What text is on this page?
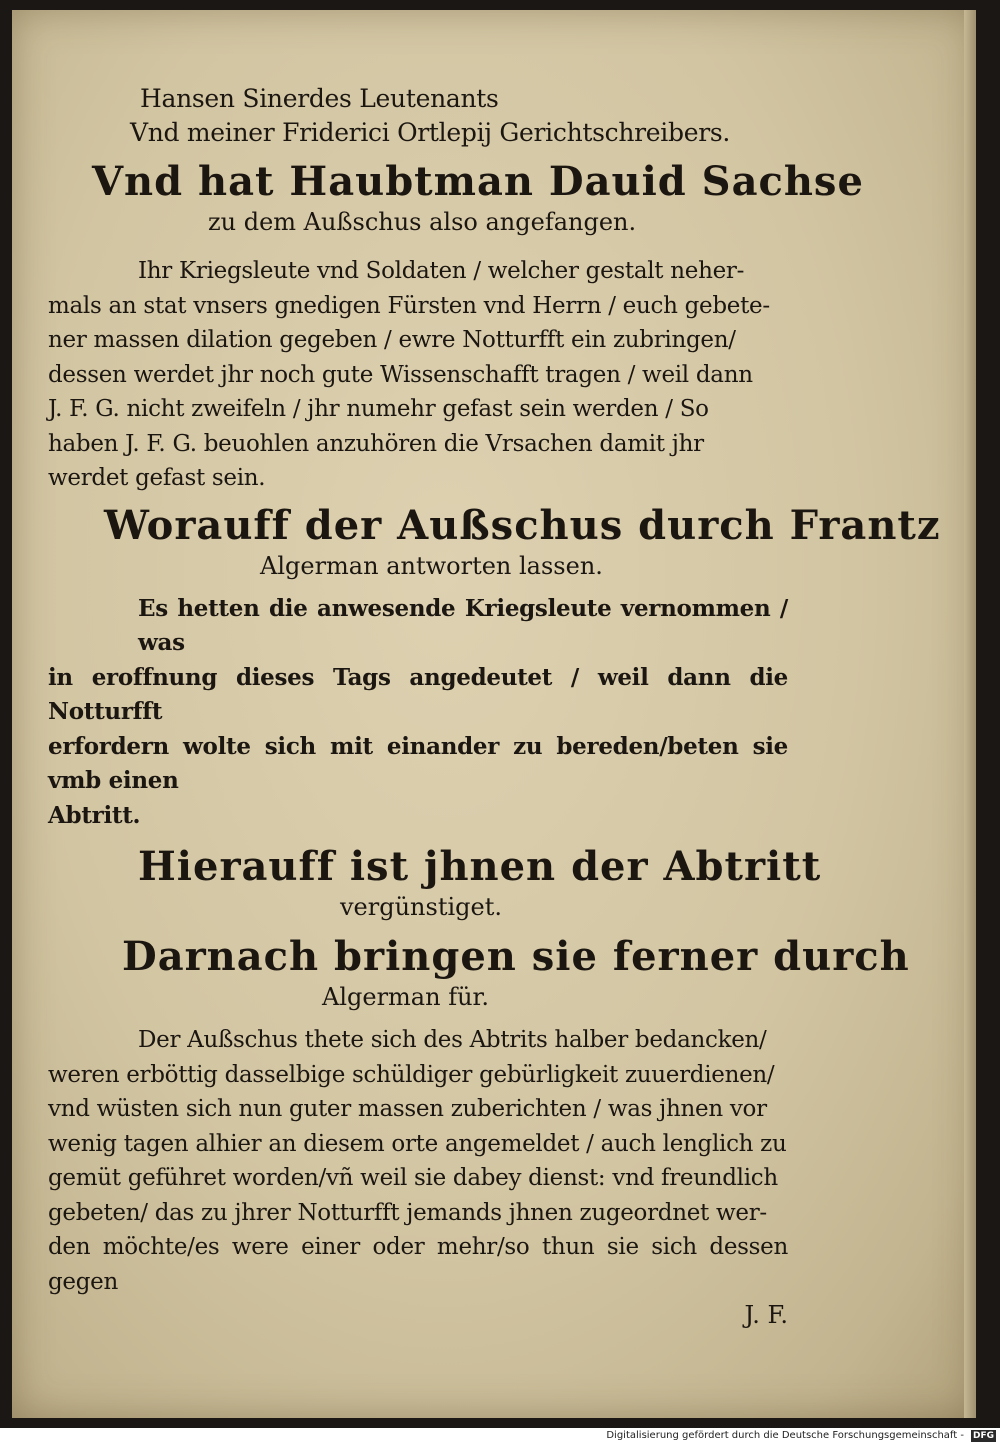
Hansen Sinerdes Leutenants
Vnd meiner Friderici Ortlepij Gerichtschreibers.
Vnd hat Haubtman Dauid Sachse
zu dem Außschus also angefangen.
Ihr Kriegsleute vnd Soldaten / welcher gestalt neher-
mals an stat vnsers gnedigen Fürsten vnd Herrn / euch gebete-
ner massen dilation gegeben / ewre Notturfft ein zubringen/
dessen werdet jhr noch gute Wissenschafft tragen / weil dann
J. F. G. nicht zweifeln / jhr numehr gefast sein werden / So
haben J. F. G. beuohlen anzuhören die Vrsachen damit jhr
werdet gefast sein.
Worauff der Außschus durch Frantz
Algerman antworten lassen.
Es hetten die anwesende Kriegsleute vernommen / was
in eroffnung dieses Tags angedeutet / weil dann die Notturfft
erfordern wolte sich mit einander zu bereden/beten sie vmb einen
Abtritt.
Hierauff ist jhnen der Abtritt
vergünstiget.
Darnach bringen sie ferner durch
Algerman für.
Der Außschus thete sich des Abtrits halber bedancken/
weren erböttig dasselbige schüldiger gebürligkeit zuuerdienen/
vnd wüsten sich nun guter massen zuberichten / was jhnen vor
wenig tagen alhier an diesem orte angemeldet / auch lenglich zu
gemüt geführet worden/vñ weil sie dabey dienst: vnd freundlich
gebeten/ das zu jhrer Notturfft jemands jhnen zugeordnet wer-
den möchte/es were einer oder mehr/so thun sie sich dessen gegen
J. F.
Digitalisierung gefördert durch die Deutsche Forschungsgemeinschaft - DFG
